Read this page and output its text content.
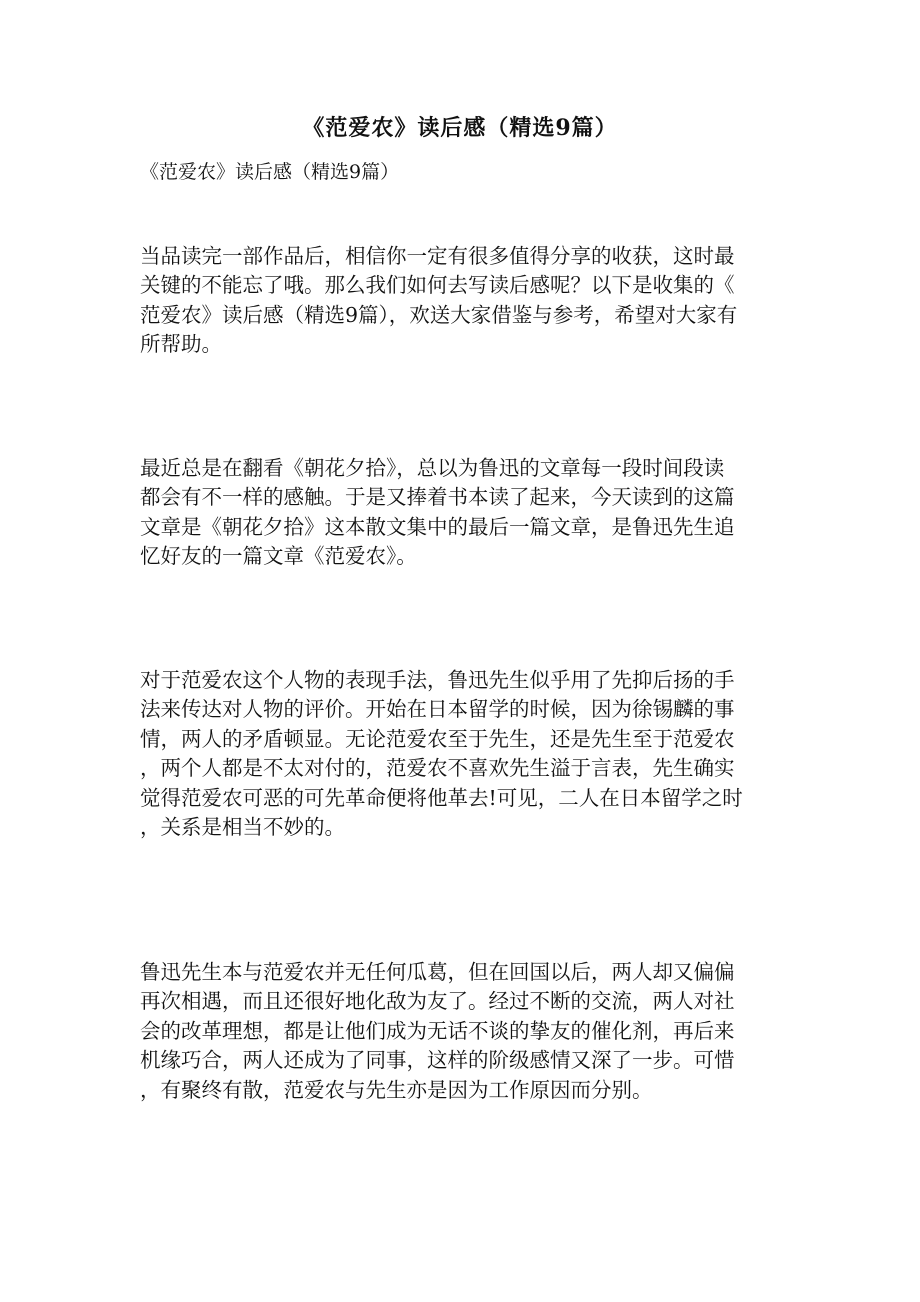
《范爱农》读后感（精选9篇）
《范爱农》读后感（精选9篇）
当品读完一部作品后，相信你一定有很多值得分享的收获，这时最
关键的不能忘了哦。那么我们如何去写读后感呢？以下是收集的《
范爱农》读后感（精选9篇），欢送大家借鉴与参考，希望对大家有
所帮助。
最近总是在翻看《朝花夕拾》，总以为鲁迅的文章每一段时间段读
都会有不一样的感触。于是又捧着书本读了起来，今天读到的这篇
文章是《朝花夕拾》这本散文集中的最后一篇文章，是鲁迅先生追
忆好友的一篇文章《范爱农》。
对于范爱农这个人物的表现手法，鲁迅先生似乎用了先抑后扬的手
法来传达对人物的评价。开始在日本留学的时候，因为徐锡麟的事
情，两人的矛盾顿显。无论范爱农至于先生，还是先生至于范爱农
，两个人都是不太对付的，范爱农不喜欢先生溢于言表，先生确实
觉得范爱农可恶的可先革命便将他革去!可见，二人在日本留学之时
，关系是相当不妙的。
鲁迅先生本与范爱农并无任何瓜葛，但在回国以后，两人却又偏偏
再次相遇，而且还很好地化敌为友了。经过不断的交流，两人对社
会的改革理想，都是让他们成为无话不谈的挚友的催化剂，再后来
机缘巧合，两人还成为了同事，这样的阶级感情又深了一步。可惜
，有聚终有散，范爱农与先生亦是因为工作原因而分别。
